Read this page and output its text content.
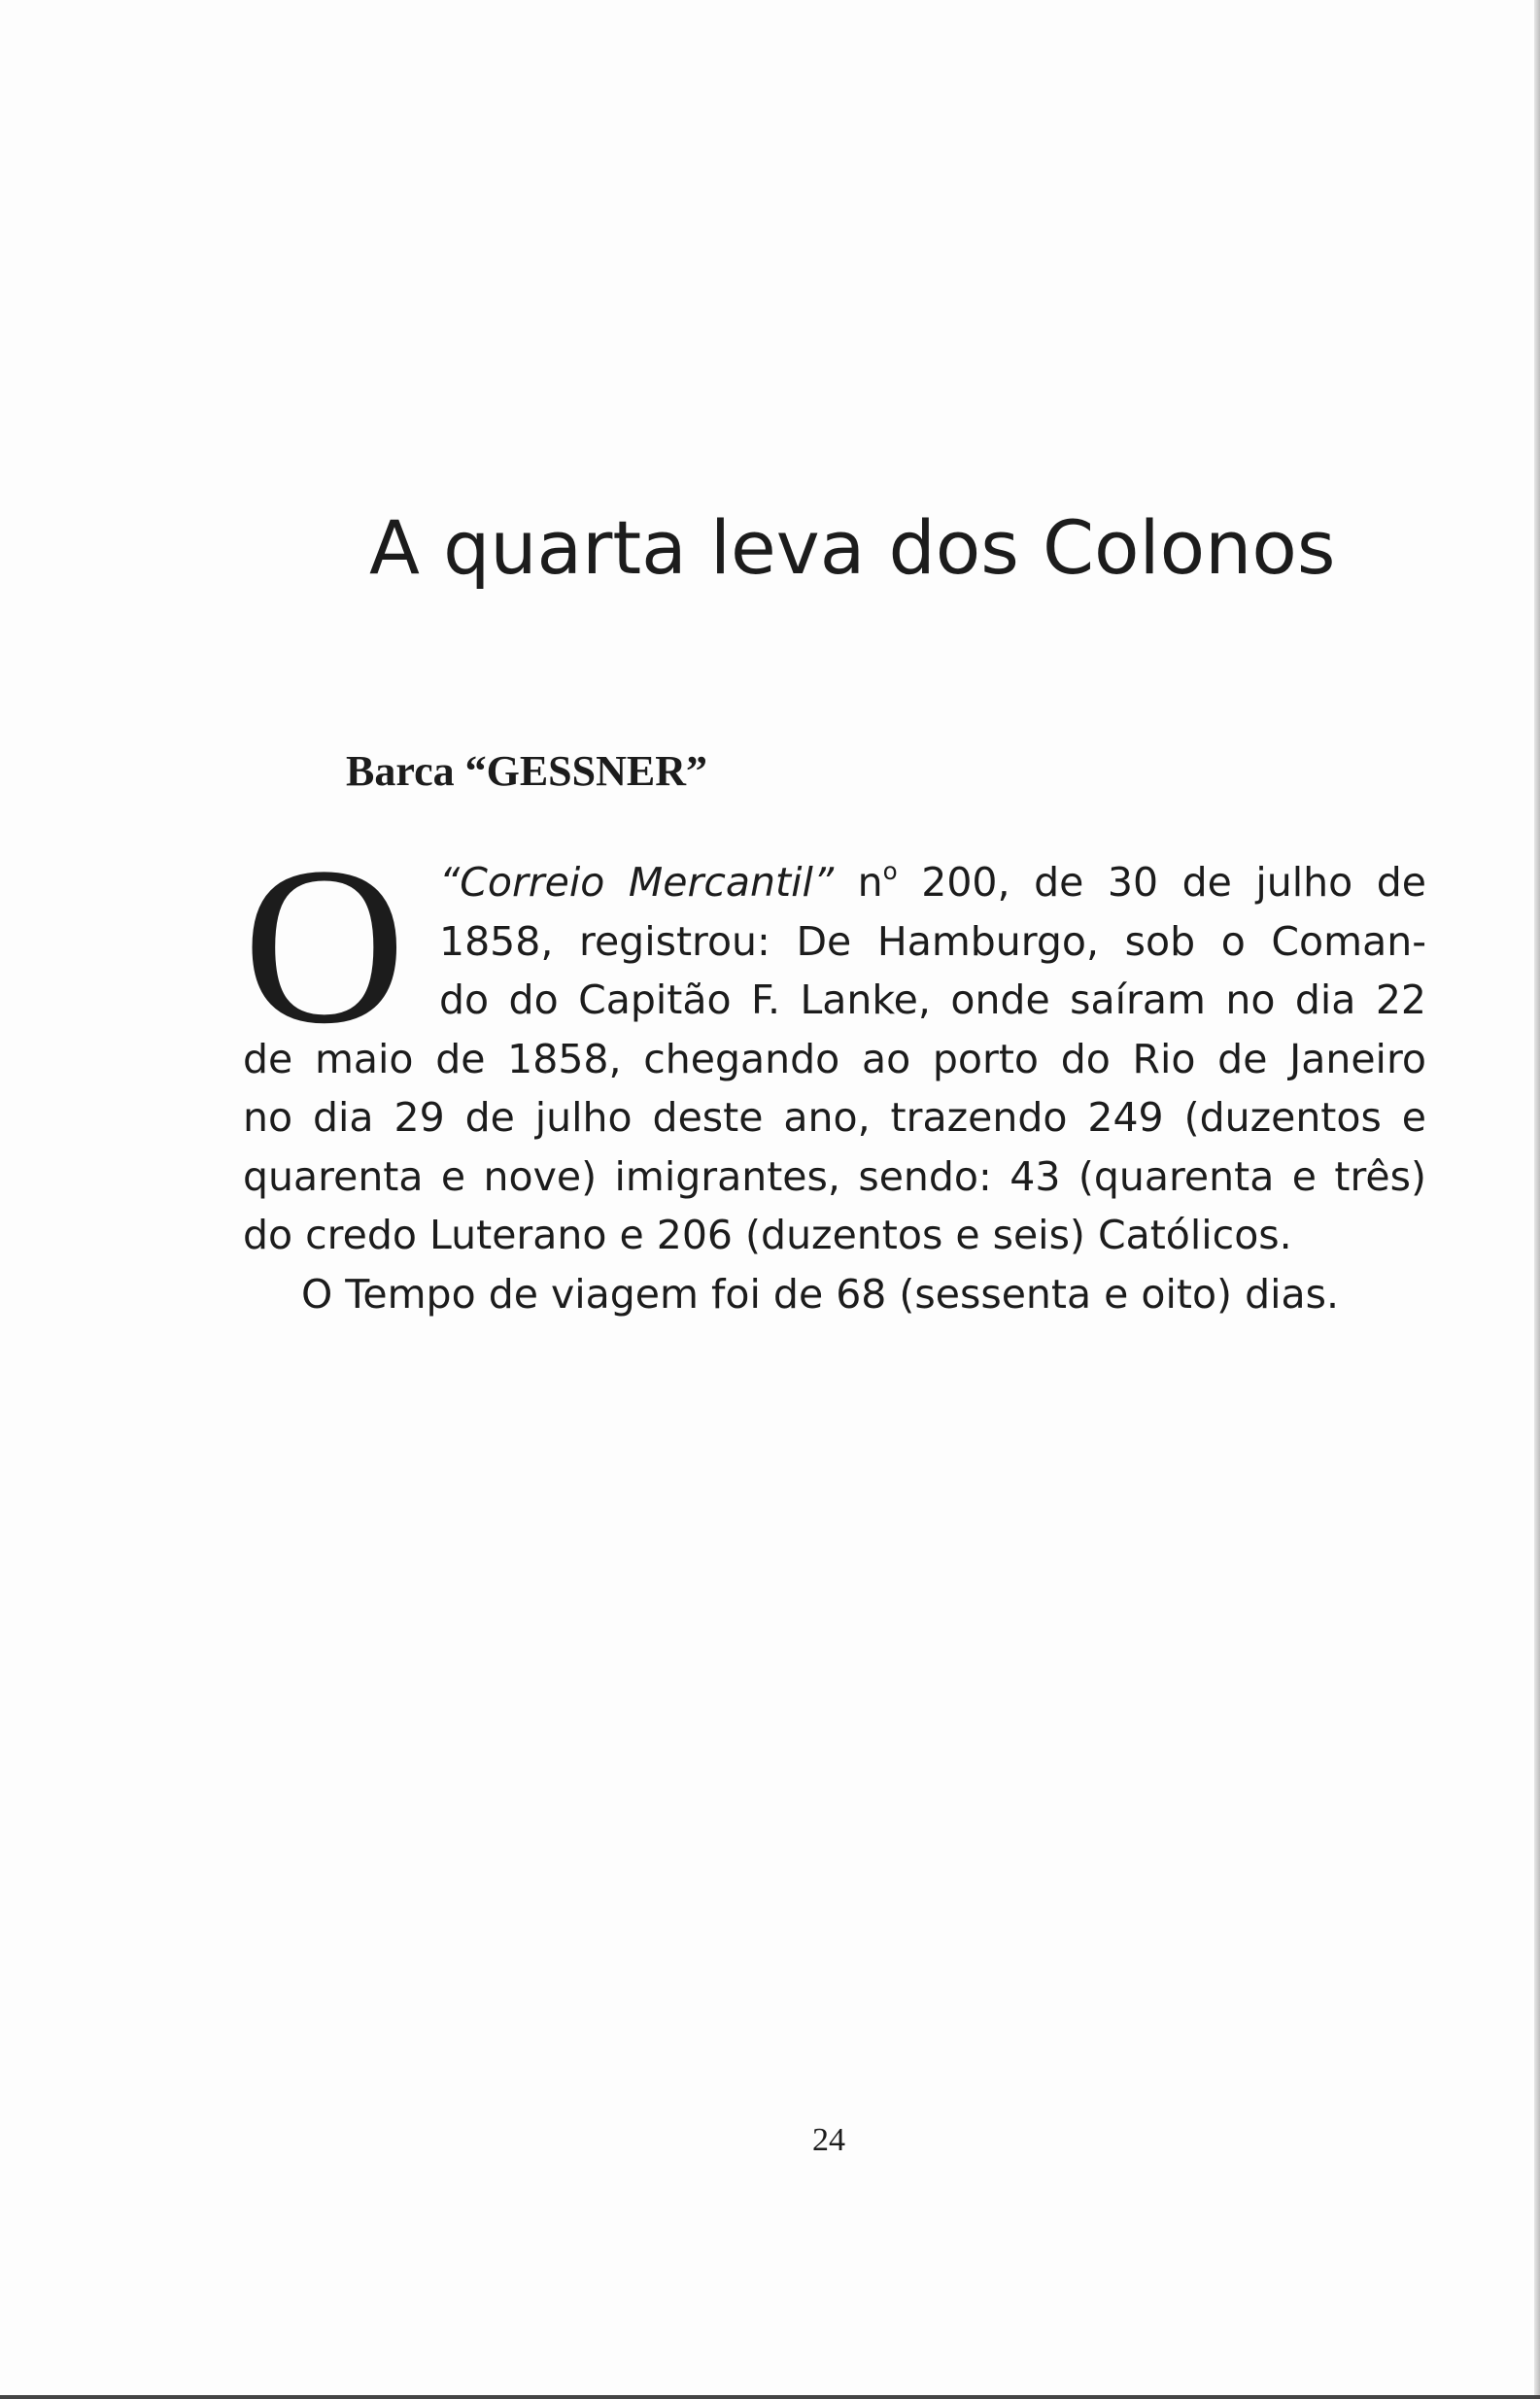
A quarta leva dos Colonos
Barca “GESSNER”
O “Correio Mercantil” $n^o$ 200, de 30 de julho de
1858, registrou: De Hamburgo, sob o Coman-
do do Capitão F. Lanke, onde saíram no dia 22
de maio de 1858, chegando ao porto do Rio de Janeiro
no dia 29 de julho deste ano, trazendo 249 (duzentos e
quarenta e nove) imigrantes, sendo: 43 (quarenta e três)
do credo Luterano e 206 (duzentos e seis) Católicos.
O Tempo de viagem foi de 68 (sessenta e oito) dias.
24
